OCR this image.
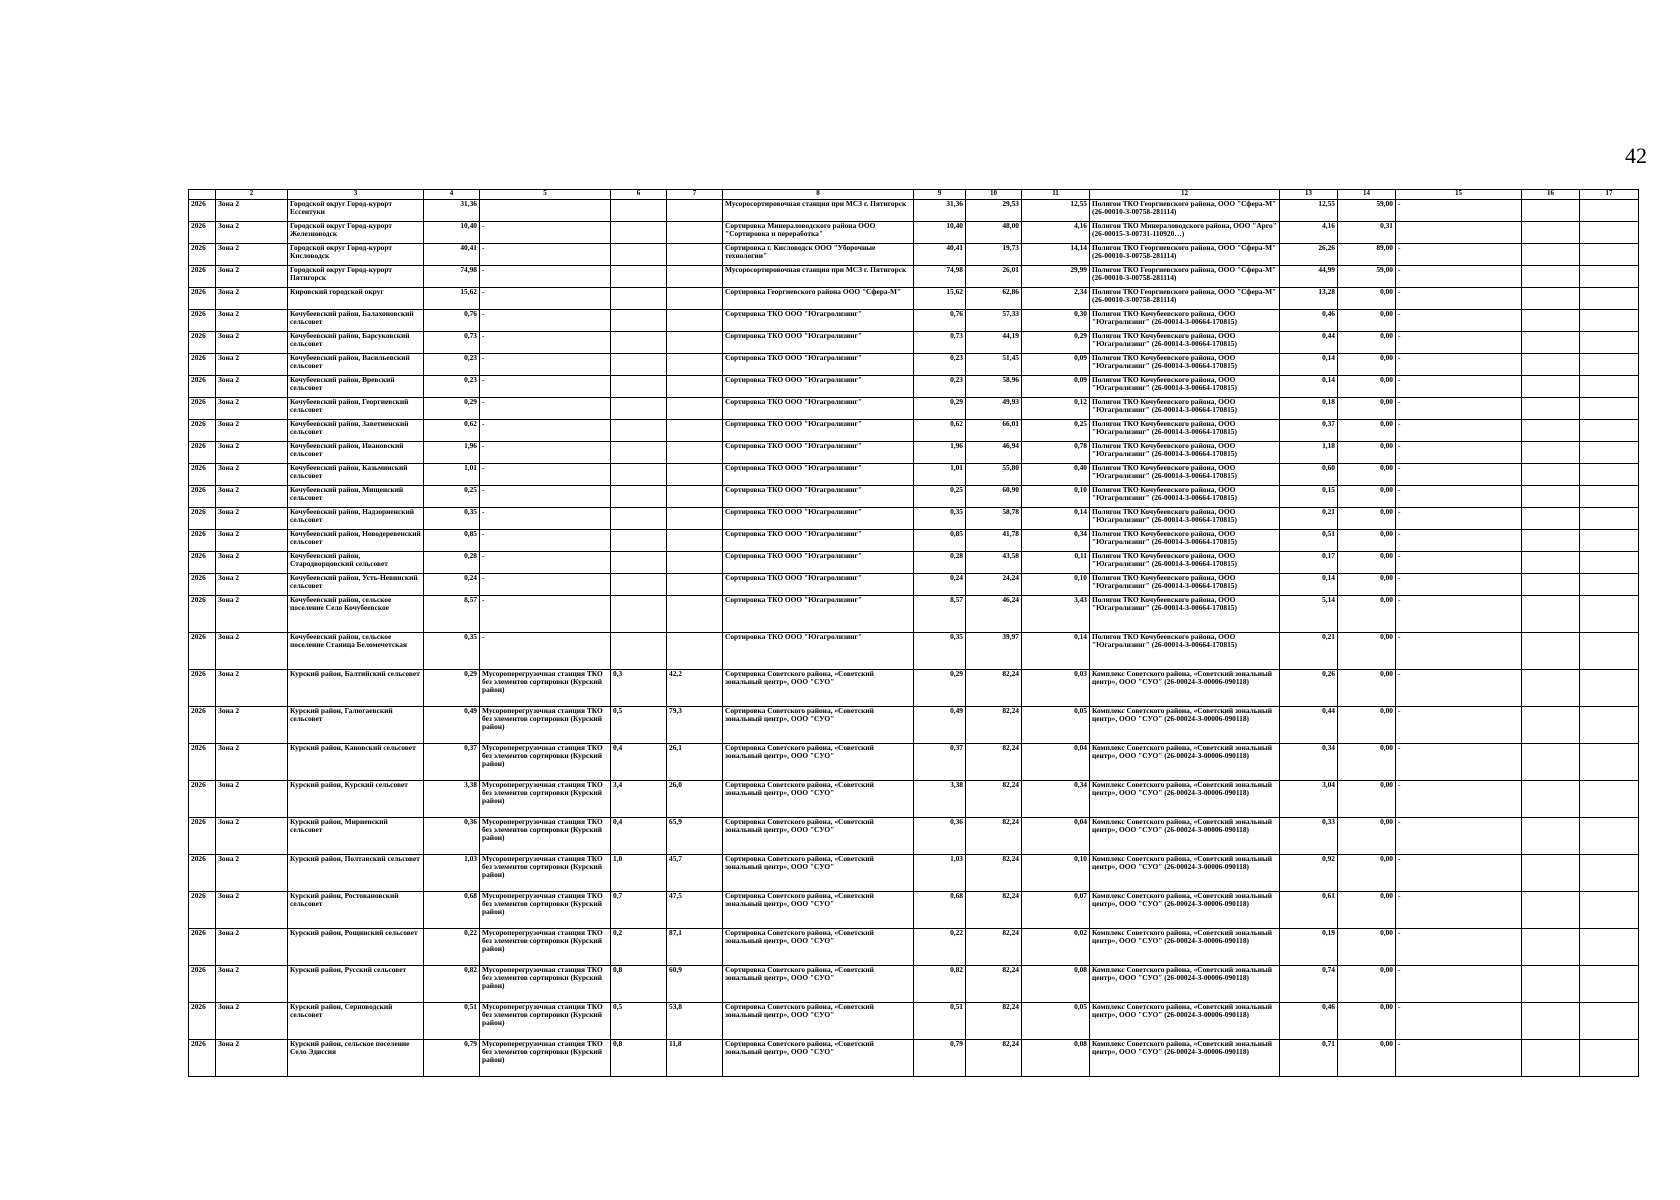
42
	2	3	4	5	6	7	8	9	10	11	12	13	14	15	16	17
2026	Зона 2	Городской округ Город-курорт Ессентуки	31,36				Мусоросортировочная станция при МСЗ г. Пятигорск	31,36	29,53	12,55	Полигон ТКО Георгиевского района, ООО "Сфера-М" (26-00010-З-00758-281114)	12,55	59,00	-		
2026	Зона 2	Городской округ Город-курорт Железноводск	10,40	-			Сортировка Минераловодского района ООО "Сортировка и переработка"	10,40	48,00	4,16	Полигон ТКО Минераловодского района, ООО "Арго" (26-00015-З-00731-110920…)	4,16	0,31			
2026	Зона 2	Городской округ Город-курорт Кисловодск	40,41	-			Сортировка г. Кисловодск ООО "Уборочные технологии"	40,41	19,73	14,14	Полигон ТКО Георгиевского района, ООО "Сфера-М" (26-00010-З-00758-281114)	26,26	89,00	-		
2026	Зона 2	Городской округ Город-курорт Пятигорск	74,98	-			Мусоросортировочная станция при МСЗ г. Пятигорск	74,98	26,01	29,99	Полигон ТКО Георгиевского района, ООО "Сфера-М" (26-00010-З-00758-281114)	44,99	59,00	-		
2026	Зона 2	Кировский городской округ	15,62	-			Сортировка Георгиевского района ООО "Сфера-М"	15,62	62,86	2,34	Полигон ТКО Георгиевского района, ООО "Сфера-М" (26-00010-З-00758-281114)	13,28	0,00	-		
2026	Зона 2	Кочубеевский район, Балахоновский сельсовет	0,76	-			Сортировка ТКО ООО "Югагролизинг"	0,76	57,33	0,30	Полигон ТКО Кочубеевского района, ООО "Югагролизинг" (26-00014-З-00664-170815)	0,46	0,00	-		
2026	Зона 2	Кочубеевский район, Барсуковский сельсовет	0,73	-			Сортировка ТКО ООО "Югагролизинг"	0,73	44,19	0,29	Полигон ТКО Кочубеевского района, ООО "Югагролизинг" (26-00014-З-00664-170815)	0,44	0,00	-		
2026	Зона 2	Кочубеевский район, Васильевский сельсовет	0,23	-			Сортировка ТКО ООО "Югагролизинг"	0,23	51,45	0,09	Полигон ТКО Кочубеевского района, ООО "Югагролизинг" (26-00014-З-00664-170815)	0,14	0,00	-		
2026	Зона 2	Кочубеевский район, Вревский сельсовет	0,23	-			Сортировка ТКО ООО "Югагролизинг"	0,23	58,96	0,09	Полигон ТКО Кочубеевского района, ООО "Югагролизинг" (26-00014-З-00664-170815)	0,14	0,00	-		
2026	Зона 2	Кочубеевский район, Георгиевский сельсовет	0,29	-			Сортировка ТКО ООО "Югагролизинг"	0,29	49,93	0,12	Полигон ТКО Кочубеевского района, ООО "Югагролизинг" (26-00014-З-00664-170815)	0,18	0,00	-		
2026	Зона 2	Кочубеевский район, Заветненский сельсовет	0,62	-			Сортировка ТКО ООО "Югагролизинг"	0,62	66,01	0,25	Полигон ТКО Кочубеевского района, ООО "Югагролизинг" (26-00014-З-00664-170815)	0,37	0,00	-		
2026	Зона 2	Кочубеевский район, Ивановский сельсовет	1,96	-			Сортировка ТКО ООО "Югагролизинг"	1,96	46,94	0,78	Полигон ТКО Кочубеевского района, ООО "Югагролизинг" (26-00014-З-00664-170815)	1,18	0,00	-		
2026	Зона 2	Кочубеевский район, Казьминский сельсовет	1,01	-			Сортировка ТКО ООО "Югагролизинг"	1,01	55,80	0,40	Полигон ТКО Кочубеевского района, ООО "Югагролизинг" (26-00014-З-00664-170815)	0,60	0,00	-		
2026	Зона 2	Кочубеевский район, Мищенский сельсовет	0,25	-			Сортировка ТКО ООО "Югагролизинг"	0,25	60,90	0,10	Полигон ТКО Кочубеевского района, ООО "Югагролизинг" (26-00014-З-00664-170815)	0,15	0,00	-		
2026	Зона 2	Кочубеевский район, Надзорненский сельсовет	0,35	-			Сортировка ТКО ООО "Югагролизинг"	0,35	58,78	0,14	Полигон ТКО Кочубеевского района, ООО "Югагролизинг" (26-00014-З-00664-170815)	0,21	0,00	-		
2026	Зона 2	Кочубеевский район, Новодеревенский сельсовет	0,85	-			Сортировка ТКО ООО "Югагролизинг"	0,85	41,78	0,34	Полигон ТКО Кочубеевского района, ООО "Югагролизинг" (26-00014-З-00664-170815)	0,51	0,00	-		
2026	Зона 2	Кочубеевский район, Стародворцовский сельсовет	0,28	-			Сортировка ТКО ООО "Югагролизинг"	0,28	43,58	0,11	Полигон ТКО Кочубеевского района, ООО "Югагролизинг" (26-00014-З-00664-170815)	0,17	0,00	-		
2026	Зона 2	Кочубеевский район, Усть-Невинский сельсовет	0,24	-			Сортировка ТКО ООО "Югагролизинг"	0,24	24,24	0,10	Полигон ТКО Кочубеевского района, ООО "Югагролизинг" (26-00014-З-00664-170815)	0,14	0,00	-		
2026	Зона 2	Кочубеевский район, сельское поселение Село Кочубеевское	8,57	-			Сортировка ТКО ООО "Югагролизинг"	8,57	46,24	3,43	Полигон ТКО Кочубеевского района, ООО "Югагролизинг" (26-00014-З-00664-170815)	5,14	0,00	-		
2026	Зона 2	Кочубеевский район, сельское поселение Станица Беломечетская	0,35	-			Сортировка ТКО ООО "Югагролизинг"	0,35	39,97	0,14	Полигон ТКО Кочубеевского района, ООО "Югагролизинг" (26-00014-З-00664-170815)	0,21	0,00	-		
2026	Зона 2	Курский район, Балтийский сельсовет	0,29	Мусороперегрузочная станция ТКО без элементов сортировки (Курский район)	0,3	42,2	Сортировка Советского района, «Советский зональный центр», ООО "СУО"	0,29	82,24	0,03	Комплекс Советского района, «Советский зональный центр», ООО "СУО" (26-00024-З-00006-090118)	0,26	0,00	-		
2026	Зона 2	Курский район, Галюгаевский сельсовет	0,49	Мусороперегрузочная станция ТКО без элементов сортировки (Курский район)	0,5	79,3	Сортировка Советского района, «Советский зональный центр», ООО "СУО"	0,49	82,24	0,05	Комплекс Советского района, «Советский зональный центр», ООО "СУО" (26-00024-З-00006-090118)	0,44	0,00	-		
2026	Зона 2	Курский район, Кановский сельсовет	0,37	Мусороперегрузочная станция ТКО без элементов сортировки (Курский район)	0,4	26,1	Сортировка Советского района, «Советский зональный центр», ООО "СУО"	0,37	82,24	0,04	Комплекс Советского района, «Советский зональный центр», ООО "СУО" (26-00024-З-00006-090118)	0,34	0,00	-		
2026	Зона 2	Курский район, Курский сельсовет	3,38	Мусороперегрузочная станция ТКО без элементов сортировки (Курский район)	3,4	26,0	Сортировка Советского района, «Советский зональный центр», ООО "СУО"	3,38	82,24	0,34	Комплекс Советского района, «Советский зональный центр», ООО "СУО" (26-00024-З-00006-090118)	3,04	0,00	-		
2026	Зона 2	Курский район, Мирненский сельсовет	0,36	Мусороперегрузочная станция ТКО без элементов сортировки (Курский район)	0,4	65,9	Сортировка Советского района, «Советский зональный центр», ООО "СУО"	0,36	82,24	0,04	Комплекс Советского района, «Советский зональный центр», ООО "СУО" (26-00024-З-00006-090118)	0,33	0,00	-		
2026	Зона 2	Курский район, Полтавский сельсовет	1,03	Мусороперегрузочная станция ТКО без элементов сортировки (Курский район)	1,0	45,7	Сортировка Советского района, «Советский зональный центр», ООО "СУО"	1,03	82,24	0,10	Комплекс Советского района, «Советский зональный центр», ООО "СУО" (26-00024-З-00006-090118)	0,92	0,00	-		
2026	Зона 2	Курский район, Ростовановский сельсовет	0,68	Мусороперегрузочная станция ТКО без элементов сортировки (Курский район)	0,7	47,5	Сортировка Советского района, «Советский зональный центр», ООО "СУО"	0,68	82,24	0,07	Комплекс Советского района, «Советский зональный центр», ООО "СУО" (26-00024-З-00006-090118)	0,61	0,00	-		
2026	Зона 2	Курский район, Рощинский сельсовет	0,22	Мусороперегрузочная станция ТКО без элементов сортировки (Курский район)	0,2	87,1	Сортировка Советского района, «Советский зональный центр», ООО "СУО"	0,22	82,24	0,02	Комплекс Советского района, «Советский зональный центр», ООО "СУО" (26-00024-З-00006-090118)	0,19	0,00	-		
2026	Зона 2	Курский район, Русский сельсовет	0,82	Мусороперегрузочная станция ТКО без элементов сортировки (Курский район)	0,8	60,9	Сортировка Советского района, «Советский зональный центр», ООО "СУО"	0,82	82,24	0,08	Комплекс Советского района, «Советский зональный центр», ООО "СУО" (26-00024-З-00006-090118)	0,74	0,00	-		
2026	Зона 2	Курский район, Серноводский сельсовет	0,51	Мусороперегрузочная станция ТКО без элементов сортировки (Курский район)	0,5	53,8	Сортировка Советского района, «Советский зональный центр», ООО "СУО"	0,51	82,24	0,05	Комплекс Советского района, «Советский зональный центр», ООО "СУО" (26-00024-З-00006-090118)	0,46	0,00	-		
2026	Зона 2	Курский район, сельское поселение Село Эдиссия	0,79	Мусороперегрузочная станция ТКО без элементов сортировки (Курский район)	0,8	11,8	Сортировка Советского района, «Советский зональный центр», ООО "СУО"	0,79	82,24	0,08	Комплекс Советского района, «Советский зональный центр», ООО "СУО" (26-00024-З-00006-090118)	0,71	0,00	-		
